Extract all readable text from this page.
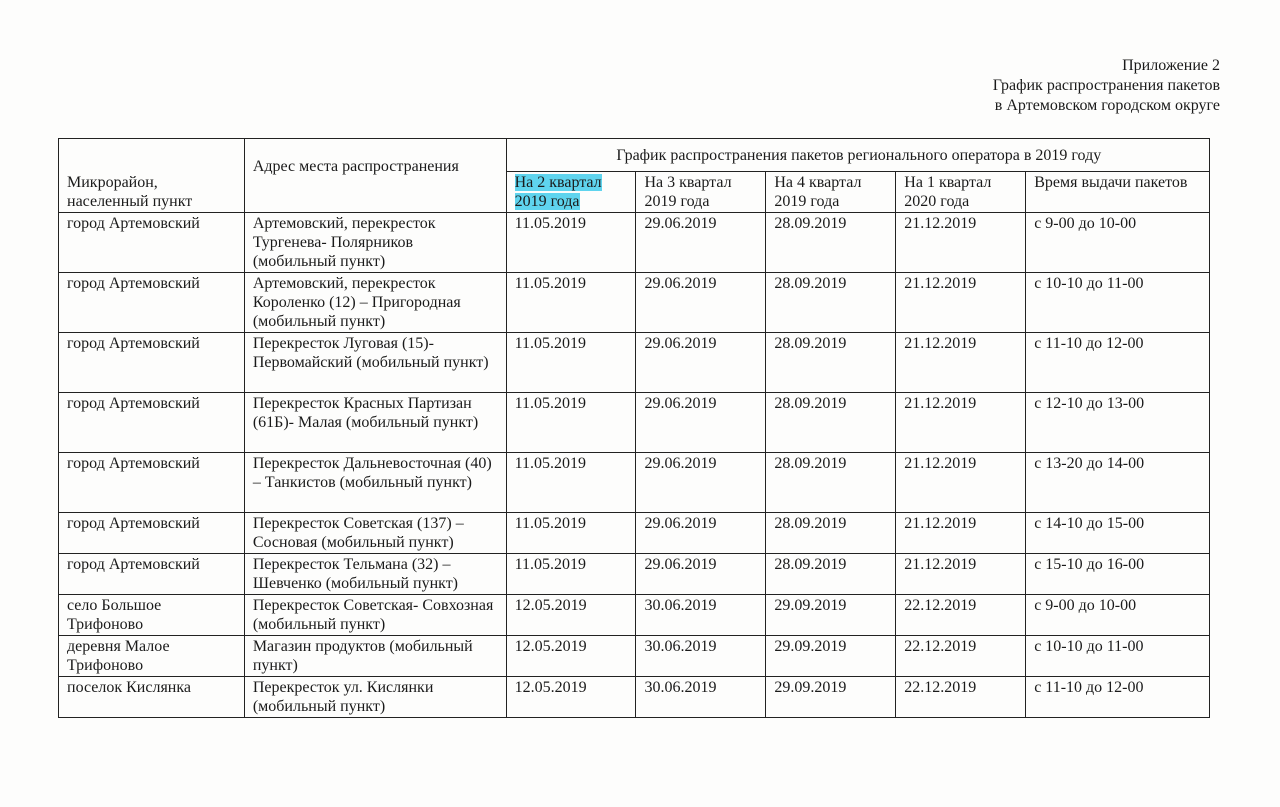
Приложение 2
График распространения пакетов
в Артемовском городском округе
Микрорайон, населенный пункт	Адрес места распространения	График распространения пакетов регионального оператора в 2019 году				
		На 2 квартал 2019 года	На 3 квартал 2019 года	На 4 квартал 2019 года	На 1 квартал 2020 года	Время выдачи пакетов
город Артемовский	Артемовский, перекресток Тургенева- Полярников (мобильный пункт)	11.05.2019	29.06.2019	28.09.2019	21.12.2019	с 9-00 до 10-00
город Артемовский	Артемовский, перекресток Короленко (12) – Пригородная (мобильный пункт)	11.05.2019	29.06.2019	28.09.2019	21.12.2019	с 10-10 до 11-00
город Артемовский	Перекресток Луговая (15)- Первомайский (мобильный пункт)	11.05.2019	29.06.2019	28.09.2019	21.12.2019	с 11-10 до 12-00
город Артемовский	Перекресток Красных Партизан (61Б)- Малая (мобильный пункт)	11.05.2019	29.06.2019	28.09.2019	21.12.2019	с 12-10 до 13-00
город Артемовский	Перекресток Дальневосточная (40) – Танкистов (мобильный пункт)	11.05.2019	29.06.2019	28.09.2019	21.12.2019	с 13-20 до 14-00
город Артемовский	Перекресток Советская (137) – Сосновая (мобильный пункт)	11.05.2019	29.06.2019	28.09.2019	21.12.2019	с 14-10 до 15-00
город Артемовский	Перекресток Тельмана (32) – Шевченко (мобильный пункт)	11.05.2019	29.06.2019	28.09.2019	21.12.2019	с 15-10 до 16-00
село Большое Трифоново	Перекресток Советская- Совхозная (мобильный пункт)	12.05.2019	30.06.2019	29.09.2019	22.12.2019	с 9-00 до 10-00
деревня Малое Трифоново	Магазин продуктов (мобильный пункт)	12.05.2019	30.06.2019	29.09.2019	22.12.2019	с 10-10 до 11-00
поселок Кислянка	Перекресток ул. Кислянки (мобильный пункт)	12.05.2019	30.06.2019	29.09.2019	22.12.2019	с 11-10 до 12-00
